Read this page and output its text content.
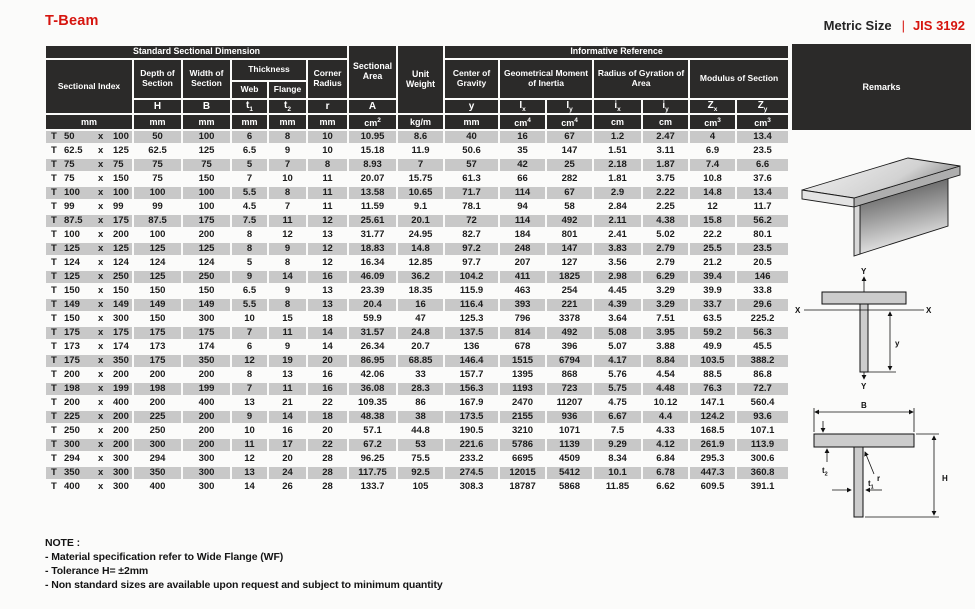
T-Beam	Metric Size | JIS 3192
Standard Sectional Dimension						Sectional Area	Unit Weight	Informative Reference						
Sectional Index	Depth of Section	Width of Section	Thickness		Corner Radius			Center of Gravity	Geometrical Moment of Inertia		Radius of Gyration of Area		Modulus of Section	
			Web	Flange										
	H	B	$t_1$	$t_2$	r	A		y	$I_x$	$I_y$	$i_x$	$i_y$	$Z_x$	$Z_y$
mm	mm	mm	mm	mm	mm	$cm^2$	kg/m	mm	$cm^4$	$cm^4$	cm	cm	$cm^3$	$cm^3$

T 50 x 100	50	100	6	8	10	10.95	8.6	40	16	67	1.2	2.47	4	13.4

T 62.5 x 125	62.5	125	6.5	9	10	15.18	11.9	50.6	35	147	1.51	3.11	6.9	23.5

T 75 x 75	75	75	5	7	8	8.93	7	57	42	25	2.18	1.87	7.4	6.6

T 75 x 150	75	150	7	10	11	20.07	15.75	61.3	66	282	1.81	3.75	10.8	37.6

T 100 x 100	100	100	5.5	8	11	13.58	10.65	71.7	114	67	2.9	2.22	14.8	13.4

T 99 x 99	99	100	4.5	7	11	11.59	9.1	78.1	94	58	2.84	2.25	12	11.7

T 87.5 x 175	87.5	175	7.5	11	12	25.61	20.1	72	114	492	2.11	4.38	15.8	56.2

T 100 x 200	100	200	8	12	13	31.77	24.95	82.7	184	801	2.41	5.02	22.2	80.1

T 125 x 125	125	125	8	9	12	18.83	14.8	97.2	248	147	3.83	2.79	25.5	23.5

T 124 x 124	124	124	5	8	12	16.34	12.85	97.7	207	127	3.56	2.79	21.2	20.5

T 125 x 250	125	250	9	14	16	46.09	36.2	104.2	411	1825	2.98	6.29	39.4	146

T 150 x 150	150	150	6.5	9	13	23.39	18.35	115.9	463	254	4.45	3.29	39.9	33.8

T 149 x 149	149	149	5.5	8	13	20.4	16	116.4	393	221	4.39	3.29	33.7	29.6

T 150 x 300	150	300	10	15	18	59.9	47	125.3	796	3378	3.64	7.51	63.5	225.2

T 175 x 175	175	175	7	11	14	31.57	24.8	137.5	814	492	5.08	3.95	59.2	56.3

T 173 x 174	173	174	6	9	14	26.34	20.7	136	678	396	5.07	3.88	49.9	45.5

T 175 x 350	175	350	12	19	20	86.95	68.85	146.4	1515	6794	4.17	8.84	103.5	388.2

T 200 x 200	200	200	8	13	16	42.06	33	157.7	1395	868	5.76	4.54	88.5	86.8

T 198 x 199	198	199	7	11	16	36.08	28.3	156.3	1193	723	5.75	4.48	76.3	72.7

T 200 x 400	200	400	13	21	22	109.35	86	167.9	2470	11207	4.75	10.12	147.1	560.4

T 225 x 200	225	200	9	14	18	48.38	38	173.5	2155	936	6.67	4.4	124.2	93.6

T 250 x 200	250	200	10	16	20	57.1	44.8	190.5	3210	1071	7.5	4.33	168.5	107.1

T 300 x 200	300	200	11	17	22	67.2	53	221.6	5786	1139	9.29	4.12	261.9	113.9

T 294 x 300	294	300	12	20	28	96.25	75.5	233.2	6695	4509	8.34	6.84	295.3	300.6

T 350 x 300	350	300	13	24	28	117.75	92.5	274.5	12015	5412	10.1	6.78	447.3	360.8

T 400 x 300	400	300	14	26	28	133.7	105	308.3	18787	5868	11.85	6.62	609.5	391.1
Remarks
X	X
Y
Y
y
B
$t_2$	r
$t_1$
H
NOTE :
- Material specification refer to Wide Flange (WF)
- Tolerance H= ±2mm
- Non standard sizes are available upon request and subject to minimum quantity
